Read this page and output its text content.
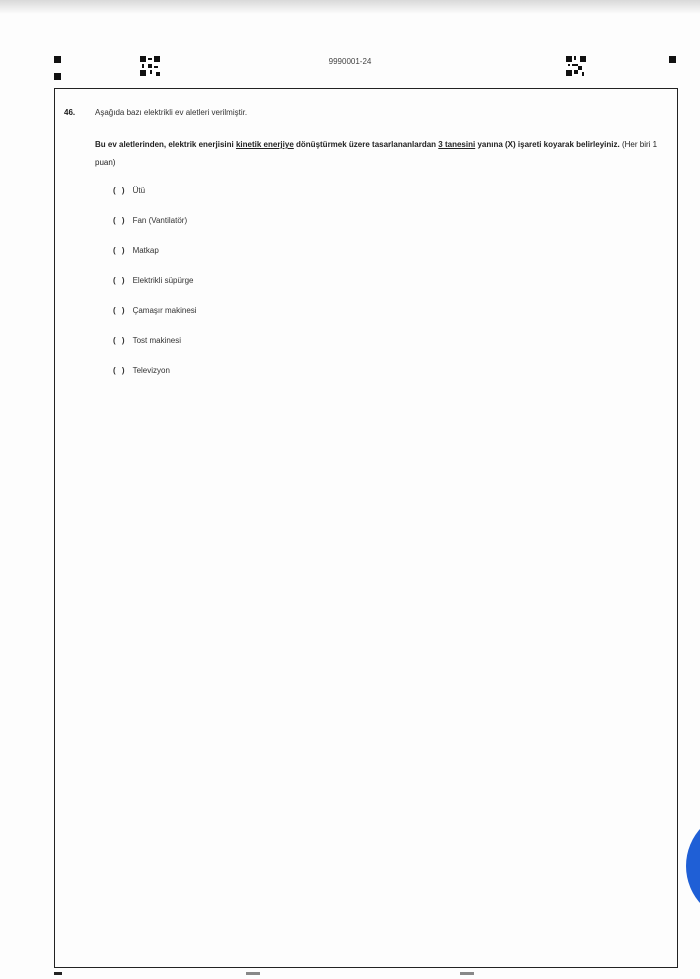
9990001-24
46. Aşağıda bazı elektrikli ev aletleri verilmiştir.
Bu ev aletlerinden, elektrik enerjisini kinetik enerjiye dönüştürmek üzere tasarlananlardan 3 tanesini yanına (X) işareti koyarak belirleyiniz. (Her biri 1 puan)
( ) Ütü
( ) Fan (Vantilatör)
( ) Matkap
( ) Elektrikli süpürge
( ) Çamaşır makinesi
( ) Tost makinesi
( ) Televizyon
